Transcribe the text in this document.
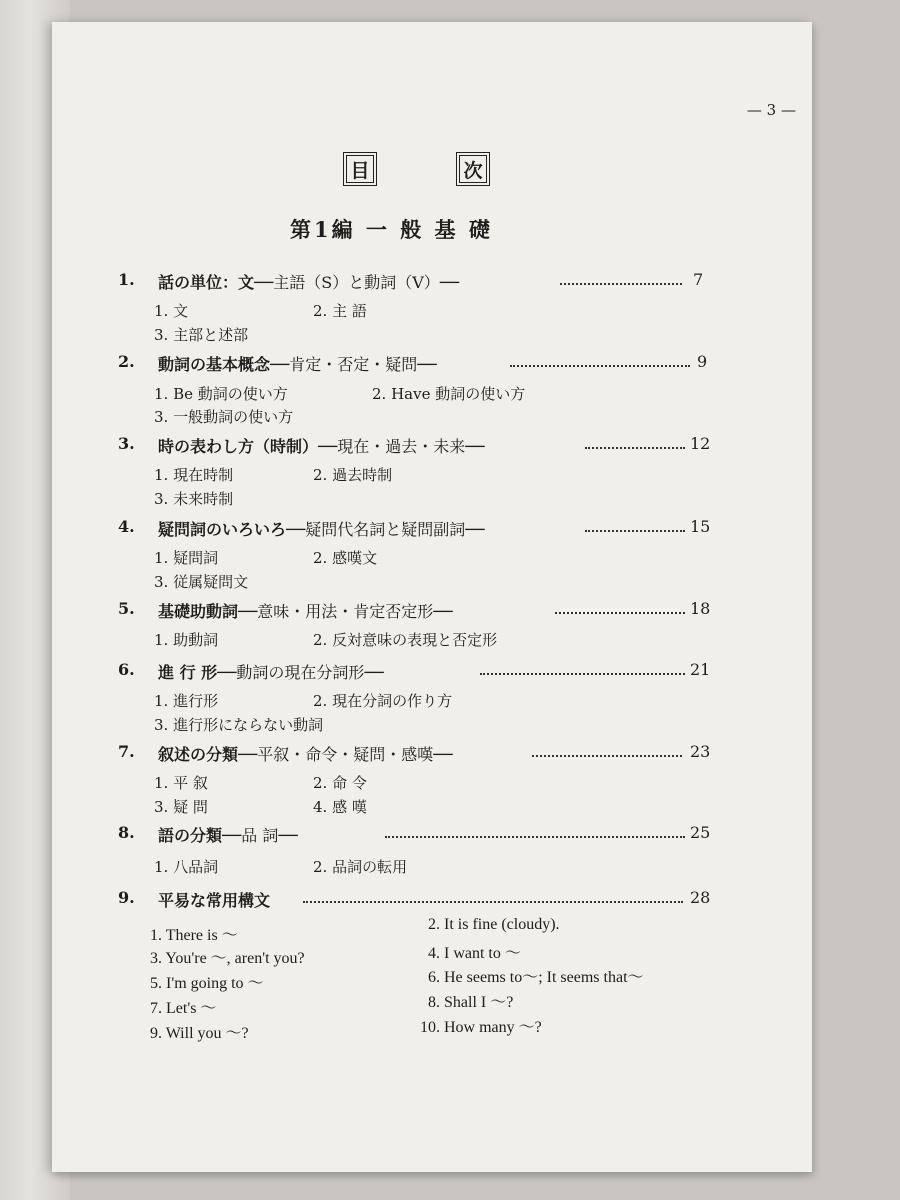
— 3 —
目	次
第1編 一 般 基 礎
1. 話の単位：文──主語（S）と動詞（V）──	7
1. 文	2. 主 語
3. 主部と述部
2. 動詞の基本概念──肯定・否定・疑問──	9
1. Be 動詞の使い方	2. Have 動詞の使い方
3. 一般動詞の使い方
3. 時の表わし方（時制）──現在・過去・未来──	12
1. 現在時制	2. 過去時制
3. 未来時制
4. 疑問詞のいろいろ──疑問代名詞と疑問副詞──	15
1. 疑問詞	2. 感嘆文
3. 従属疑問文
5. 基礎助動詞──意味・用法・肯定否定形──	18
1. 助動詞	2. 反対意味の表現と否定形
6. 進 行 形──動詞の現在分詞形──	21
1. 進行形	2. 現在分詞の作り方
3. 進行形にならない動詞
7. 叙述の分類──平叙・命令・疑問・感嘆──	23
1. 平 叙	2. 命 令
3. 疑 問	4. 感 嘆
8. 語の分類──品 詞──	25
1. 八品詞	2. 品詞の転用
9. 平易な常用構文	28
1. There is ～
2. It is fine (cloudy).
3. You're ～, aren't you?	4. I want to ～
5. I'm going to ～	6. He seems to～; It seems that～
7. Let's ～	8. Shall I ～?
9. Will you ～?	10. How many ～?
